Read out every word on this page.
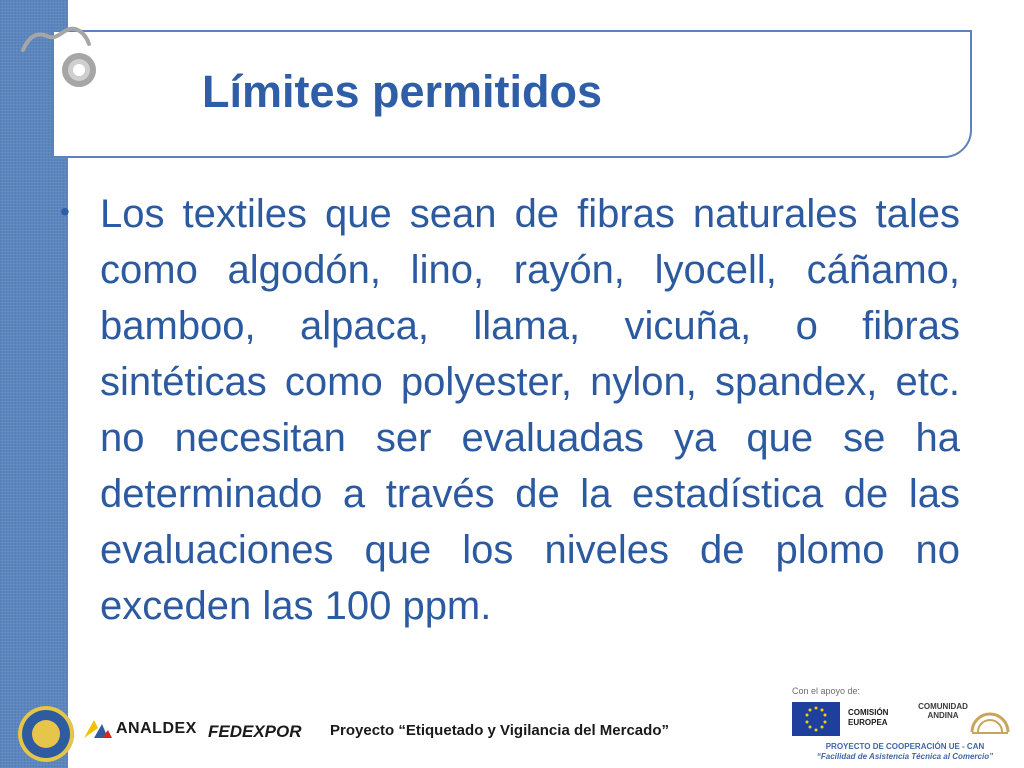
Límites permitidos
• Los textiles que sean de fibras naturales tales como algodón, lino, rayón, lyocell, cáñamo, bamboo, alpaca, llama, vicuña, o fibras sintéticas como polyester, nylon, spandex, etc. no necesitan ser evaluadas ya que se ha determinado a través de la estadística de las evaluaciones que los niveles de plomo no exceden las 100 ppm.

ANALDEX FEDEXPOR Proyecto “Etiquetado y Vigilancia del Mercado”
Con el apoyo de:
COMISIÓN EUROPEA
COMUNIDAD ANDINA
PROYECTO DE COOPERACIÓN UE - CAN
“Facilidad de Asistencia Técnica al Comercio”
